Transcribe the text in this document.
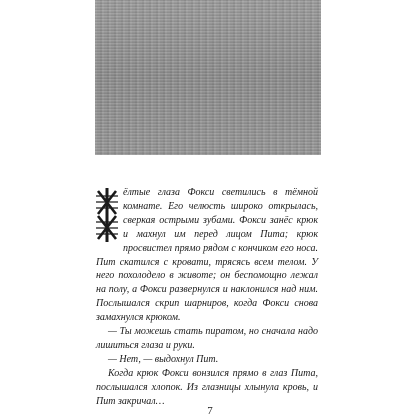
ёлтые глаза Фокси светились в тёмной комнате. Его челюсть широко открылась, сверкая острыми зубами. Фокси занёс крюк и махнул им перед лицом Пита; крюк просвистел прямо рядом с кончиком его носа. Пит скатился с кровати, трясясь всем телом. У него похолодело в животе; он беспомощно лежал на полу, а Фокси развернулся и наклонился над ним. Послышался скрип шарниров, когда Фокси снова замахнулся крюком.

— Ты можешь стать пиратом, но сначала надо лишиться глаза и руки.

— Нет, — выдохнул Пит.

Когда крюк Фокси вонзился прямо в глаз Пита, послышался хлопок. Из глазницы хлынула кровь, и Пит закричал…

7
